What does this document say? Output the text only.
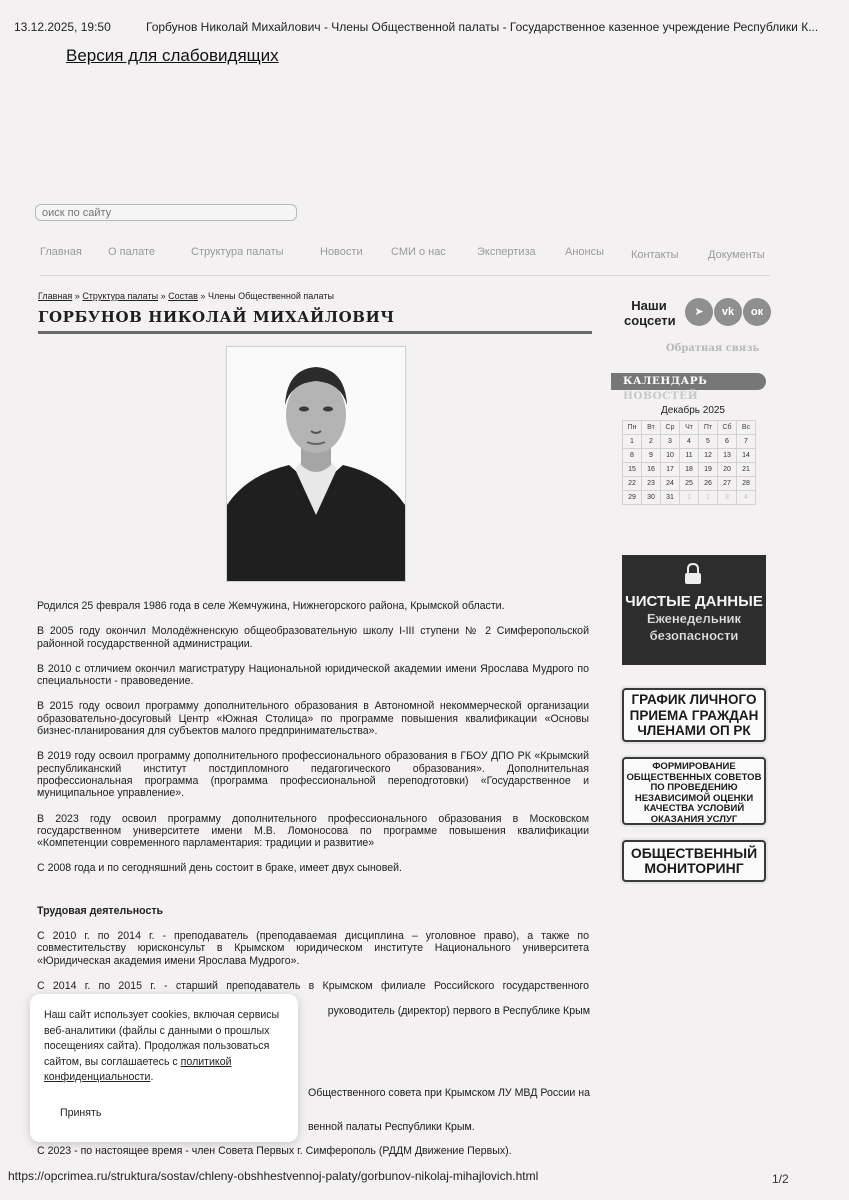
13.12.2025, 19:50	Горбунов Николай Михайлович - Члены Общественной палаты - Государственное казенное учреждение Республики К...
Версия для слабовидящих
оиск по сайту
Главная О палате	Структура палаты	Новости	СМИ о нас	Экспертиза	Анонсы Контакты	Документы
Главная » Структура палаты » Состав » Члены Общественной палаты
ГОРБУНОВ НИКОЛАЙ МИХАЙЛОВИЧ

Родился 25 февраля 1986 года в селе Жемчужина, Нижнегорского района, Крымской области.

В 2005 году окончил Молодёжненскую общеобразовательную школу I-III ступени № 2 Симферопольской районной государственной администрации.

В 2010 с отличием окончил магистратуру Национальной юридической академии имени Ярослава Мудрого по специальности - правоведение.

В 2015 году освоил программу дополнительного образования в Автономной некоммерческой организации образовательно-досуговый Центр «Южная Столица» по программе повышения квалификации «Основы бизнес-планирования для субъектов малого предпринимательства».

В 2019 году освоил программу дополнительного профессионального образования в ГБОУ ДПО РК «Крымский республиканский институт постдипломного педагогического образования». Дополнительная профессиональная программа (программа профессиональной переподготовки) «Государственное и муниципальное управление».

В 2023 году освоил программу дополнительного профессионального образования в Московском государственном университете имени М.В. Ломоносова по программе повышения квалификации «Компетенции современного парламентария: традиции и развитие»

С 2008 года и по сегодняшний день состоит в браке, имеет двух сыновей.

Трудовая деятельность

С 2010 г. по 2014 г. - преподаватель (преподаваемая дисциплина – уголовное право), а также по совместительству юрисконсульт в Крымском юридическом институте Национального университета «Юридическая академия имени Ярослава Мудрого».

С 2014 г. по 2015 г. - старший преподаватель в Крымском филиале Российского государственного

руководитель (директор) первого в Республике Крым
Общественного совета при Крымском ЛУ МВД России на
венной палаты Республики Крым.
С 2023 - по настоящее время - член Совета Первых г. Симферополь (РДДМ Движение Первых).
Наши соцсети
➤	vk	ок
Обратная связь
КАЛЕНДАРЬ
НОВОСТЕЙ
Декабрь 2025
Пн	Вт	Ср	Чт	Пт	Сб	Вс
1	2	3	4	5	6	7
8	9	10	11	12	13	14
15	16	17	18	19	20	21
22	23	24	25	26	27	28
29	30	31	1	2	3	4
ЧИСТЫЕ ДАННЫЕ
Еженедельник безопасности
ГРАФИК ЛИЧНОГО ПРИЕМА ГРАЖДАН ЧЛЕНАМИ ОП РК
ФОРМИРОВАНИЕ ОБЩЕСТВЕННЫХ СОВЕТОВ ПО ПРОВЕДЕНИЮ НЕЗАВИСИМОЙ ОЦЕНКИ КАЧЕСТВА УСЛОВИЙ ОКАЗАНИЯ УСЛУГ
ОБЩЕСТВЕННЫЙ МОНИТОРИНГ
Наш сайт использует cookies, включая сервисы веб-аналитики (файлы с данными о прошлых посещениях сайта). Продолжая пользоваться сайтом, вы соглашаетесь с политикой конфиденциальности.
Принять
https://opcrimea.ru/struktura/sostav/chleny-obshhestvennoj-palaty/gorbunov-nikolaj-mihajlovich.html	1/2
